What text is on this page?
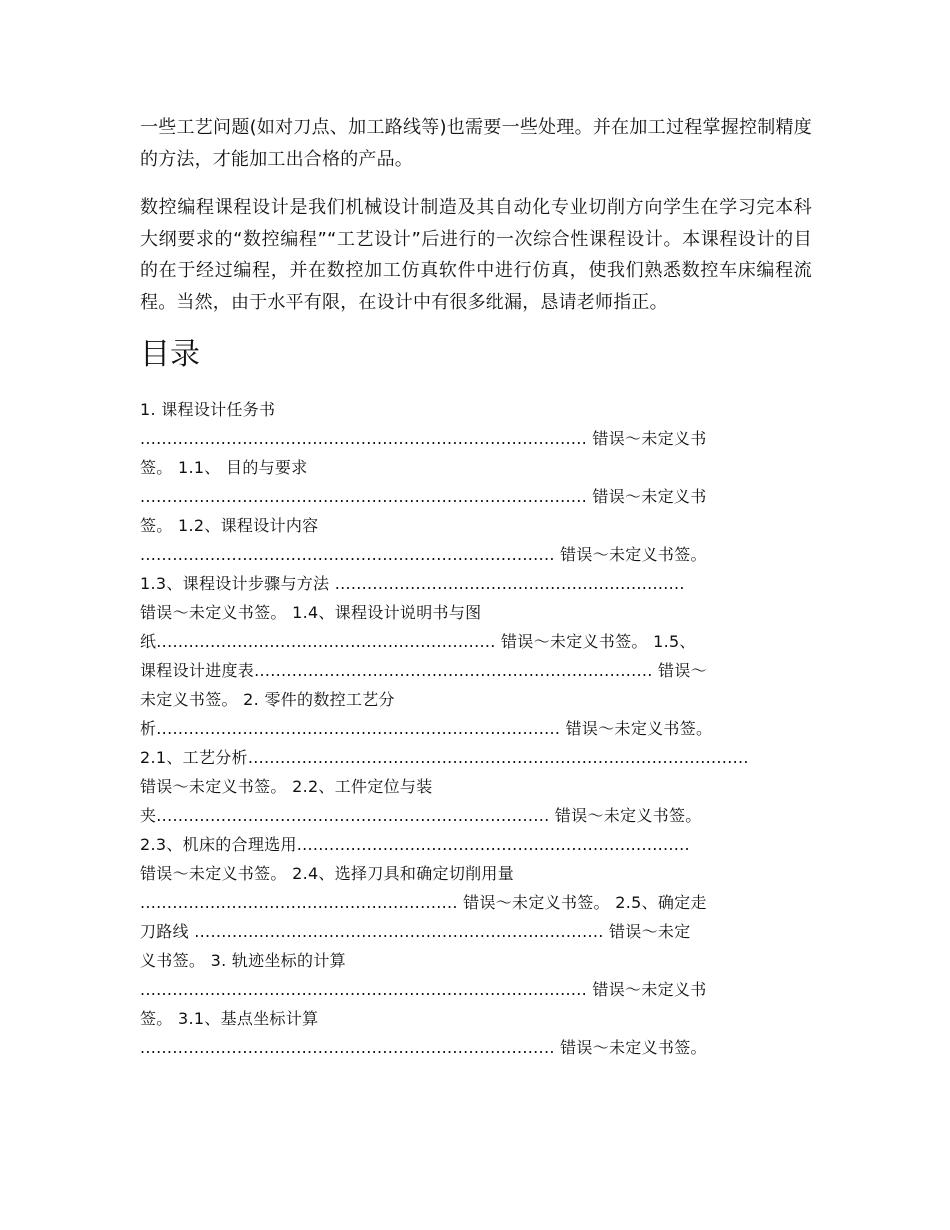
一些工艺问题(如对刀点、加工路线等)也需要一些处理。并在加工过程掌握控制精度的方法，才能加工出合格的产品。

数控编程课程设计是我们机械设计制造及其自动化专业切削方向学生在学习完本科大纲要求的“数控编程”“工艺设计”后进行的一次综合性课程设计。本课程设计的目的在于经过编程，并在数控加工仿真软件中进行仿真，使我们熟悉数控车床编程流程。当然，由于水平有限，在设计中有很多纰漏，恳请老师指正。

目录
1. 课程设计任务书
................................................................................... 错误～未定义书
签。 1.1、 目的与要求
................................................................................... 错误～未定义书
签。 1.2、课程设计内容
............................................................................. 错误～未定义书签。
1.3、课程设计步骤与方法 .................................................................
错误～未定义书签。 1.4、课程设计说明书与图
纸............................................................... 错误～未定义书签。 1.5、
课程设计进度表.......................................................................... 错误～
未定义书签。 2. 零件的数控工艺分
析........................................................................... 错误～未定义书签。
2.1、工艺分析.............................................................................................
错误～未定义书签。 2.2、工件定位与装
夹......................................................................... 错误～未定义书签。
2.3、机床的合理选用.........................................................................
错误～未定义书签。 2.4、选择刀具和确定切削用量
........................................................... 错误～未定义书签。 2.5、确定走
刀路线 ............................................................................ 错误～未定
义书签。 3. 轨迹坐标的计算
................................................................................... 错误～未定义书
签。 3.1、基点坐标计算
............................................................................. 错误～未定义书签。
